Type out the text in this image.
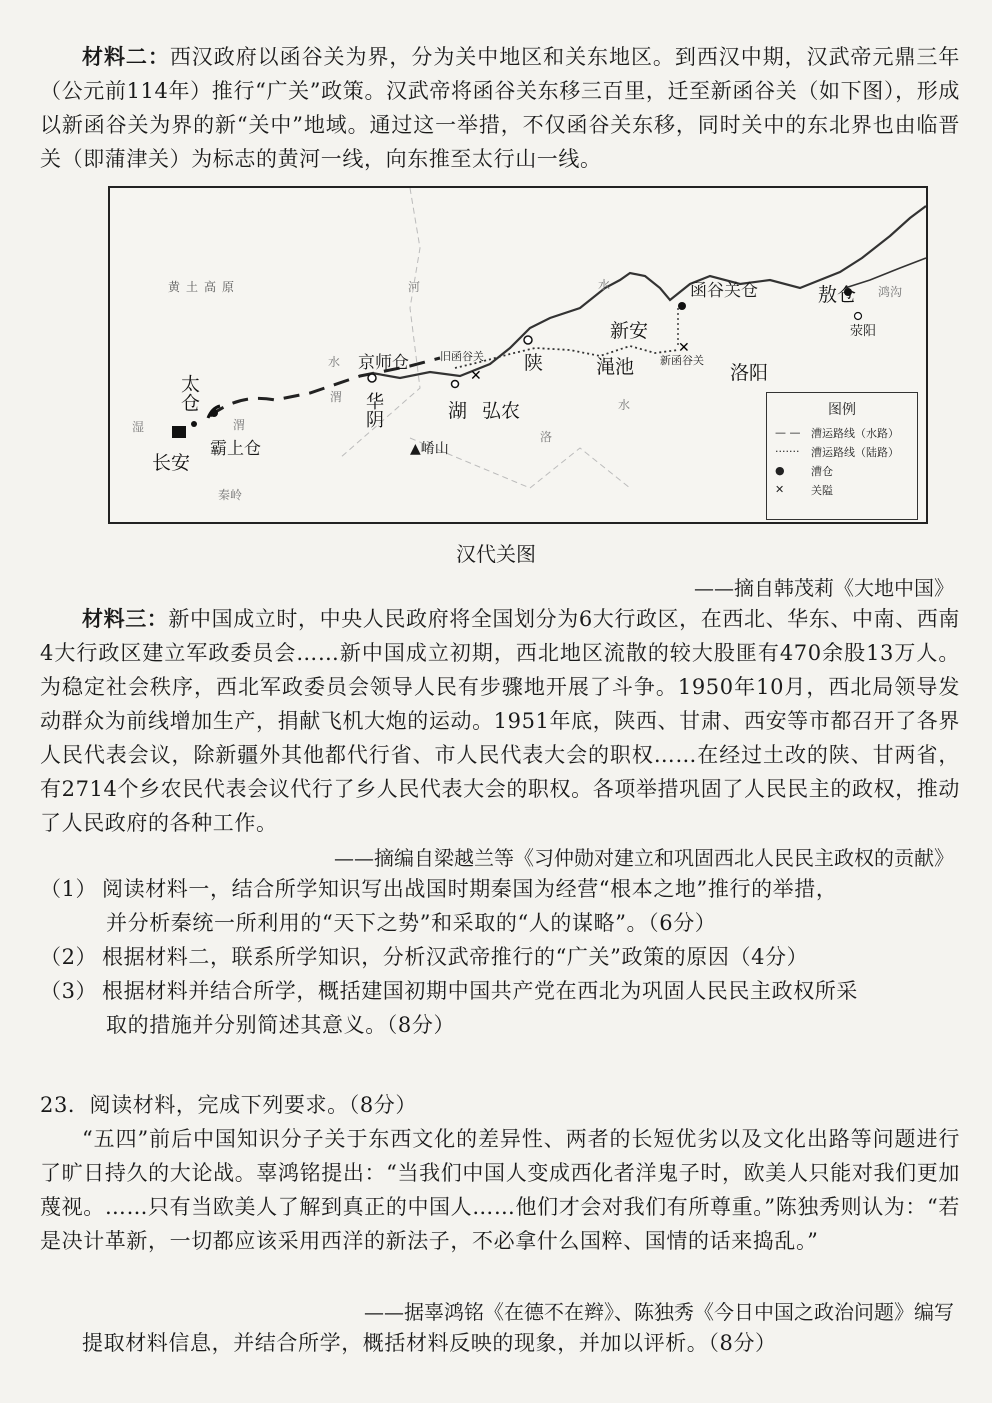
材料二：西汉政府以函谷关为界，分为关中地区和关东地区。到西汉中期，汉武帝元鼎三年（公元前114年）推行“广关”政策。汉武帝将函谷关东移三百里，迁至新函谷关（如下图），形成以新函谷关为界的新“关中”地域。通过这一举措，不仅函谷关东移，同时关中的东北界也由临晋关（即蒲津关）为标志的黄河一线，向东推至太行山一线。

✕
✕
黄土高原	河	水
水
渭
渭
湿
水
洛
秦岭
鸿沟
太仓
长安
霸上仓
京师仓
华阴
旧函谷关
湖 弘农
▲崤山
陕
新安
渑池 新函谷关
函谷关仓
洛阳
敖仓
荥阳
图例
— — 漕运路线（水路）
·······	漕运路线（陆路）
●	漕仓
✕	关隘
汉代关图
——摘自韩茂莉《大地中国》

材料三：新中国成立时，中央人民政府将全国划分为6大行政区，在西北、华东、中南、西南4大行政区建立军政委员会……新中国成立初期，西北地区流散的较大股匪有470余股13万人。为稳定社会秩序，西北军政委员会领导人民有步骤地开展了斗争。1950年10月，西北局领导发动群众为前线增加生产，捐献飞机大炮的运动。1951年底，陕西、甘肃、西安等市都召开了各界人民代表会议，除新疆外其他都代行省、市人民代表大会的职权……在经过土改的陕、甘两省，有2714个乡农民代表会议代行了乡人民代表大会的职权。各项举措巩固了人民民主的政权，推动了人民政府的各种工作。

——摘编自梁越兰等《习仲勋对建立和巩固西北人民民主政权的贡献》
（1） 阅读材料一，结合所学知识写出战国时期秦国为经营“根本之地”推行的举措，
并分析秦统一所利用的“天下之势”和采取的“人的谋略”。（6分）
（2） 根据材料二，联系所学知识，分析汉武帝推行的“广关”政策的原因（4分）
（3） 根据材料并结合所学，概括建国初期中国共产党在西北为巩固人民民主政权所采
取的措施并分别简述其意义。（8分）
23．阅读材料，完成下列要求。（8分）

“五四”前后中国知识分子关于东西文化的差异性、两者的长短优劣以及文化出路等问题进行了旷日持久的大论战。辜鸿铭提出：“当我们中国人变成西化者洋鬼子时，欧美人只能对我们更加蔑视。……只有当欧美人了解到真正的中国人……他们才会对我们有所尊重。”陈独秀则认为：“若是决计革新，一切都应该采用西洋的新法子，不必拿什么国粹、国情的话来捣乱。”

——据辜鸿铭《在德不在辫》、陈独秀《今日中国之政治问题》编写

提取材料信息，并结合所学，概括材料反映的现象，并加以评析。（8分）
